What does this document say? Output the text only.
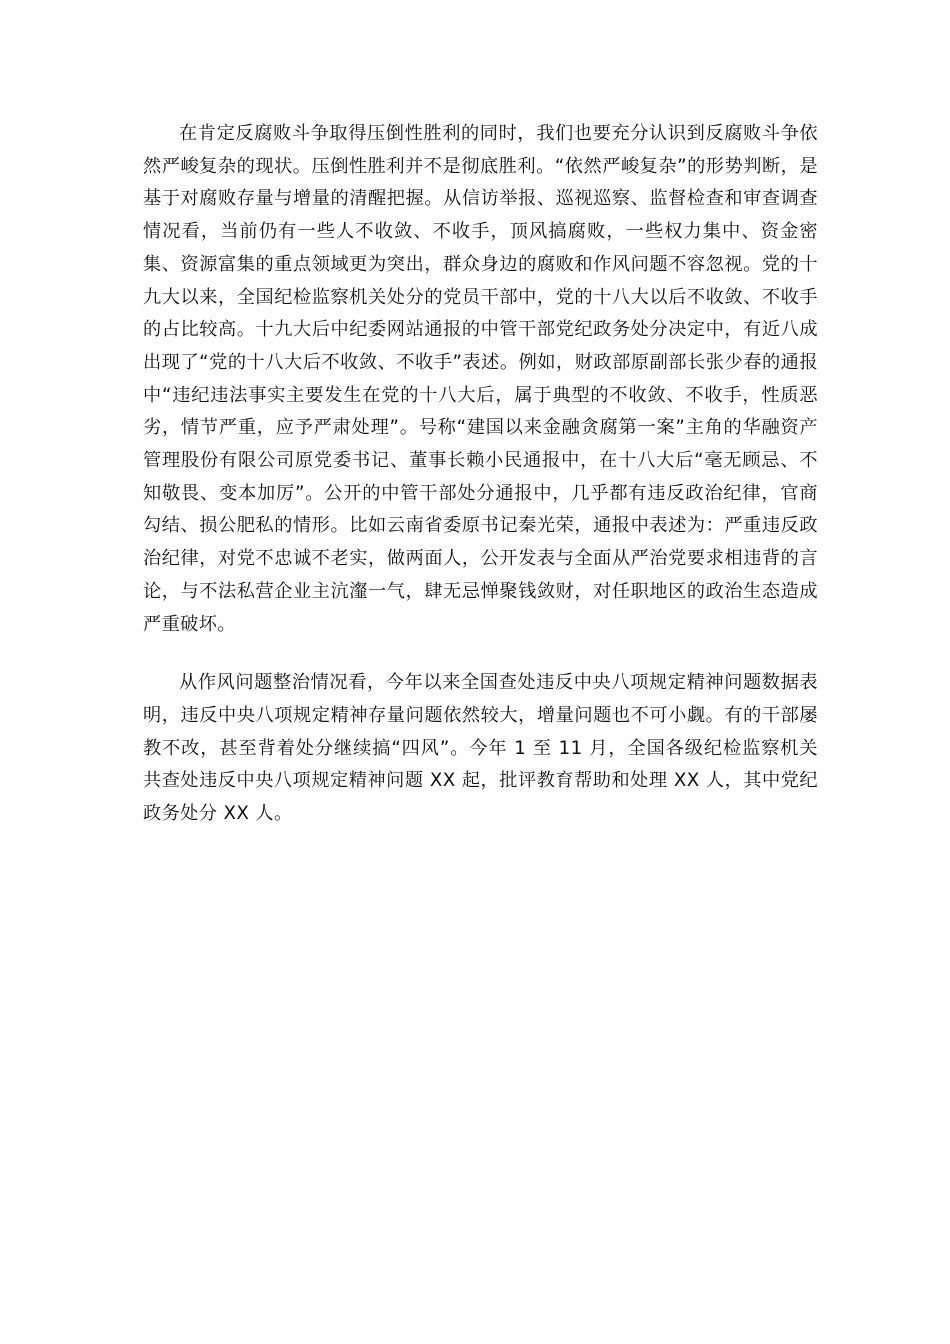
在肯定反腐败斗争取得压倒性胜利的同时，我们也要充分认识到反腐败斗争依然严峻复杂的现状。压倒性胜利并不是彻底胜利。“依然严峻复杂”的形势判断，是基于对腐败存量与增量的清醒把握。从信访举报、巡视巡察、监督检查和审查调查情况看，当前仍有一些人不收敛、不收手，顶风搞腐败，一些权力集中、资金密集、资源富集的重点领域更为突出，群众身边的腐败和作风问题不容忽视。党的十九大以来，全国纪检监察机关处分的党员干部中，党的十八大以后不收敛、不收手的占比较高。十九大后中纪委网站通报的中管干部党纪政务处分决定中，有近八成出现了“党的十八大后不收敛、不收手”表述。例如，财政部原副部长张少春的通报中“违纪违法事实主要发生在党的十八大后，属于典型的不收敛、不收手，性质恶劣，情节严重，应予严肃处理”。号称“建国以来金融贪腐第一案”主角的华融资产管理股份有限公司原党委书记、董事长赖小民通报中，在十八大后“毫无顾忌、不知敬畏、变本加厉”。公开的中管干部处分通报中，几乎都有违反政治纪律，官商勾结、损公肥私的情形。比如云南省委原书记秦光荣，通报中表述为：严重违反政治纪律，对党不忠诚不老实，做两面人，公开发表与全面从严治党要求相违背的言论，与不法私营企业主沆瀣一气，肆无忌惮聚钱敛财，对任职地区的政治生态造成严重破坏。

从作风问题整治情况看，今年以来全国查处违反中央八项规定精神问题数据表明，违反中央八项规定精神存量问题依然较大，增量问题也不可小觑。有的干部屡教不改，甚至背着处分继续搞“四风”。今年 1 至 11 月，全国各级纪检监察机关共查处违反中央八项规定精神问题 XX 起，批评教育帮助和处理 XX 人，其中党纪政务处分 XX 人。
